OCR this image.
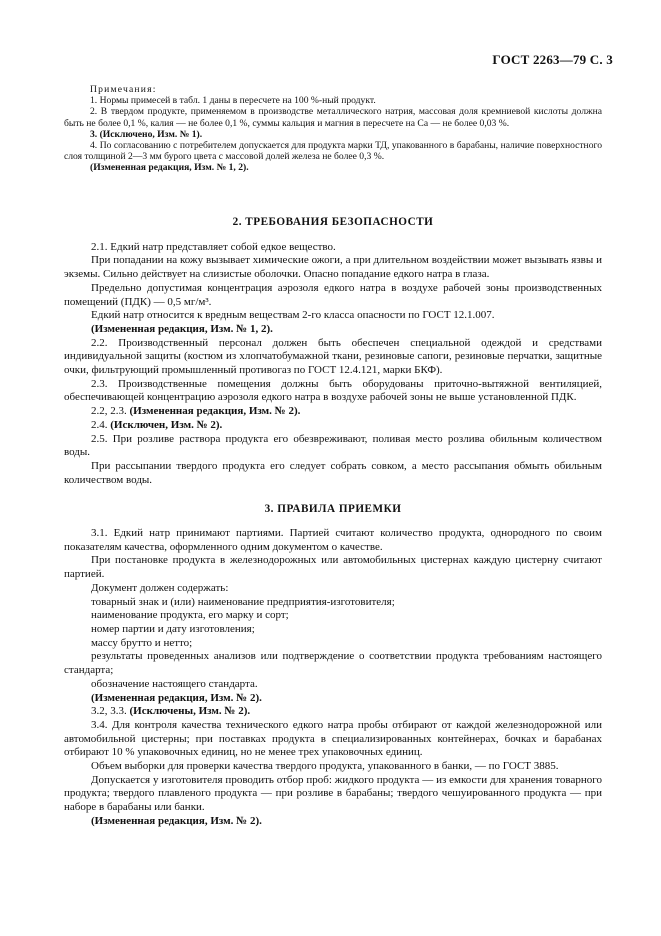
ГОСТ 2263—79 С. 3

Примечания:

1. Нормы примесей в табл. 1 даны в пересчете на 100 %-ный продукт.

2. В твердом продукте, применяемом в производстве металлического натрия, массовая доля кремниевой кислоты должна быть не более 0,1 %, калия — не более 0,1 %, суммы кальция и магния в пересчете на Са — не более 0,03 %.

3. (Исключено, Изм. № 1).

4. По согласованию с потребителем допускается для продукта марки ТД, упакованного в барабаны, наличие поверхностного слоя толщиной 2—3 мм бурого цвета с массовой долей железа не более 0,3 %.

(Измененная редакция, Изм. № 1, 2).

2. ТРЕБОВАНИЯ БЕЗОПАСНОСТИ

2.1. Едкий натр представляет собой едкое вещество.

При попадании на кожу вызывает химические ожоги, а при длительном воздействии может вызывать язвы и экземы. Сильно действует на слизистые оболочки. Опасно попадание едкого натра в глаза.

Предельно допустимая концентрация аэрозоля едкого натра в воздухе рабочей зоны производственных помещений (ПДК) — 0,5 мг/м³.

Едкий натр относится к вредным веществам 2-го класса опасности по ГОСТ 12.1.007.

(Измененная редакция, Изм. № 1, 2).

2.2. Производственный персонал должен быть обеспечен специальной одеждой и средствами индивидуальной защиты (костюм из хлопчатобумажной ткани, резиновые сапоги, резиновые перчатки, защитные очки, фильтрующий промышленный противогаз по ГОСТ 12.4.121, марки БКФ).

2.3. Производственные помещения должны быть оборудованы приточно-вытяжной вентиляцией, обеспечивающей концентрацию аэрозоля едкого натра в воздухе рабочей зоны не выше установленной ПДК.

2.2, 2.3. (Измененная редакция, Изм. № 2).

2.4. (Исключен, Изм. № 2).

2.5. При розливе раствора продукта его обезвреживают, поливая место розлива обильным количеством воды.

При рассыпании твердого продукта его следует собрать совком, а место рассыпания обмыть обильным количеством воды.

3. ПРАВИЛА ПРИЕМКИ

3.1. Едкий натр принимают партиями. Партией считают количество продукта, однородного по своим показателям качества, оформленного одним документом о качестве.

При постановке продукта в железнодорожных или автомобильных цистернах каждую цистерну считают партией.

Документ должен содержать:

товарный знак и (или) наименование предприятия-изготовителя;

наименование продукта, его марку и сорт;

номер партии и дату изготовления;

массу брутто и нетто;

результаты проведенных анализов или подтверждение о соответствии продукта требованиям настоящего стандарта;

обозначение настоящего стандарта.

(Измененная редакция, Изм. № 2).

3.2, 3.3. (Исключены, Изм. № 2).

3.4. Для контроля качества технического едкого натра пробы отбирают от каждой железнодорожной или автомобильной цистерны; при поставках продукта в специализированных контейнерах, бочках и барабанах отбирают 10 % упаковочных единиц, но не менее трех упаковочных единиц.

Объем выборки для проверки качества твердого продукта, упакованного в банки, — по ГОСТ 3885.

Допускается у изготовителя проводить отбор проб: жидкого продукта — из емкости для хранения товарного продукта; твердого плавленого продукта — при розливе в барабаны; твердого чешуированного продукта — при наборе в барабаны или банки.

(Измененная редакция, Изм. № 2).
